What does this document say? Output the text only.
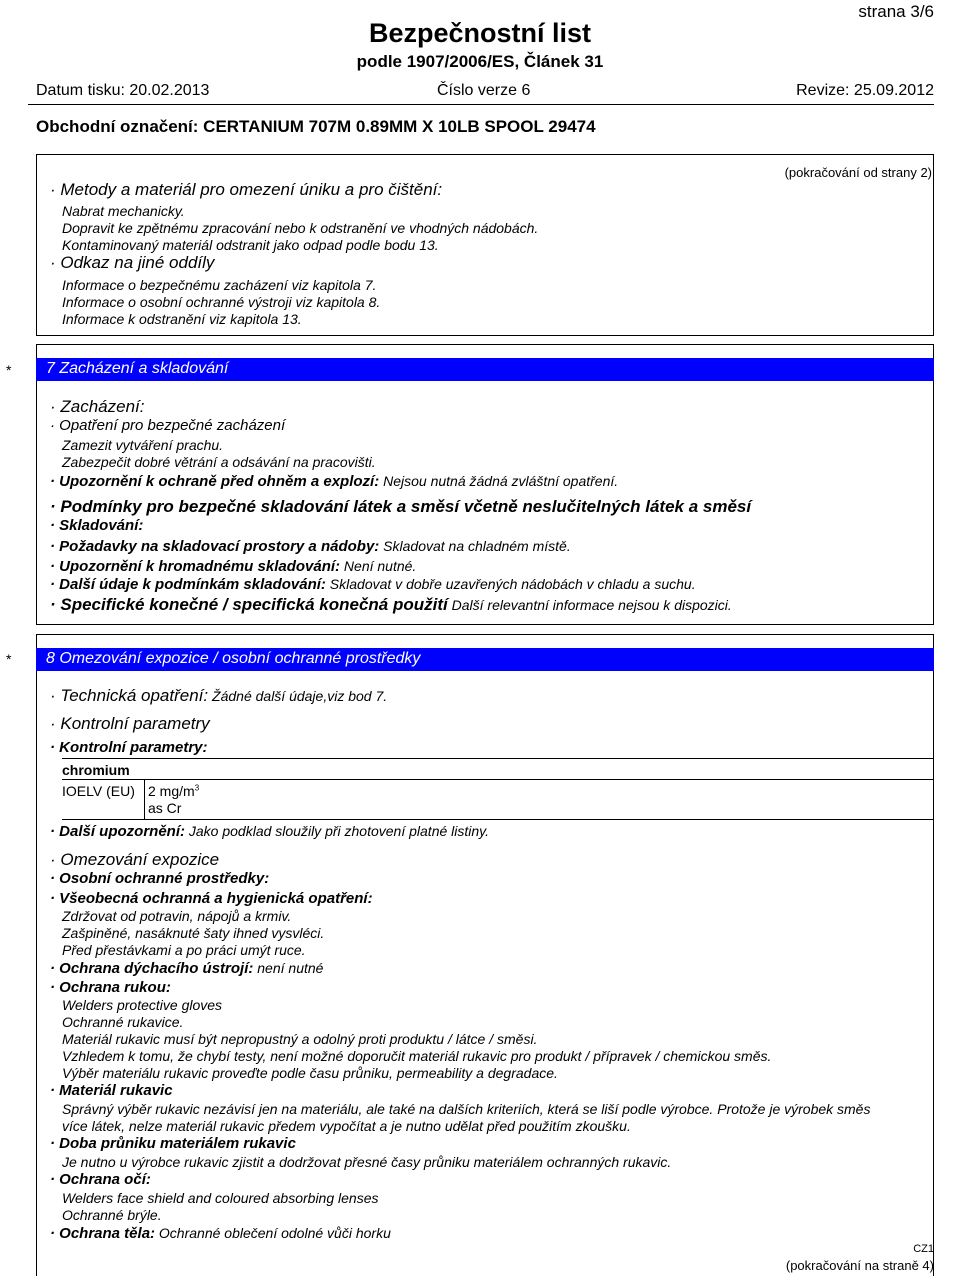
strana 3/6
Bezpečnostní list
podle 1907/2006/ES, Článek 31
Datum tisku: 20.02.2013	Číslo verze 6	Revize: 25.09.2012
Obchodní označení: CERTANIUM 707M 0.89MM X 10LB SPOOL 29474
(pokračování od strany 2)
· Metody a materiál pro omezení úniku a pro čištění:
Nabrat mechanicky.
Dopravit ke zpětnému zpracování nebo k odstranění ve vhodných nádobách.
Kontaminovaný materiál odstranit jako odpad podle bodu 13.
· Odkaz na jiné oddíly
Informace o bezpečnému zacházení viz kapitola 7.
Informace o osobní ochranné výstroji viz kapitola 8.
Informace k odstranění viz kapitola 13.
* 7 Zacházení a skladování
· Zacházení:
· Opatření pro bezpečné zacházení
Zamezit vytváření prachu.
Zabezpečit dobré větrání a odsávání na pracovišti.
· Upozornění k ochraně před ohněm a explozí: Nejsou nutná žádná zvláštní opatření.
· Podmínky pro bezpečné skladování látek a směsí včetně neslučitelných látek a směsí
· Skladování:
· Požadavky na skladovací prostory a nádoby: Skladovat na chladném místě.
· Upozornění k hromadnému skladování: Není nutné.
· Další údaje k podmínkám skladování: Skladovat v dobře uzavřených nádobách v chladu a suchu.
· Specifické konečné / specifická konečná použití Další relevantní informace nejsou k dispozici.
* 8 Omezování expozice / osobní ochranné prostředky
· Technická opatření: Žádné další údaje,viz bod 7.
· Kontrolní parametry
· Kontrolní parametry:
chromium
IOELV (EU) 2 $mg/m^3$
as Cr
· Další upozornění: Jako podklad sloužily při zhotovení platné listiny.
· Omezování expozice
· Osobní ochranné prostředky:
· Všeobecná ochranná a hygienická opatření:
Zdržovat od potravin, nápojů a krmiv.
Zašpiněné, nasáknuté šaty ihned vysvléci.
Před přestávkami a po práci umýt ruce.
· Ochrana dýchacího ústrojí: není nutné
· Ochrana rukou:
Welders protective gloves
Ochranné rukavice.
Materiál rukavic musí být nepropustný a odolný proti produktu / látce / směsi.
Vzhledem k tomu, že chybí testy, není možné doporučit materiál rukavic pro produkt / přípravek / chemickou směs.
Výběr materiálu rukavic proveďte podle času průniku, permeability a degradace.
· Materiál rukavic
Správný výběr rukavic nezávisí jen na materiálu, ale také na dalších kriteriích, která se liší podle výrobce. Protože je výrobek směs
více látek, nelze materiál rukavic předem vypočítat a je nutno udělat před použitím zkoušku.
· Doba průniku materiálem rukavic
Je nutno u výrobce rukavic zjistit a dodržovat přesné časy průniku materiálem ochranných rukavic.
· Ochrana očí:
Welders face shield and coloured absorbing lenses
Ochranné brýle.
· Ochrana těla: Ochranné oblečení odolné vůči horku
CZ1
(pokračování na straně 4)
